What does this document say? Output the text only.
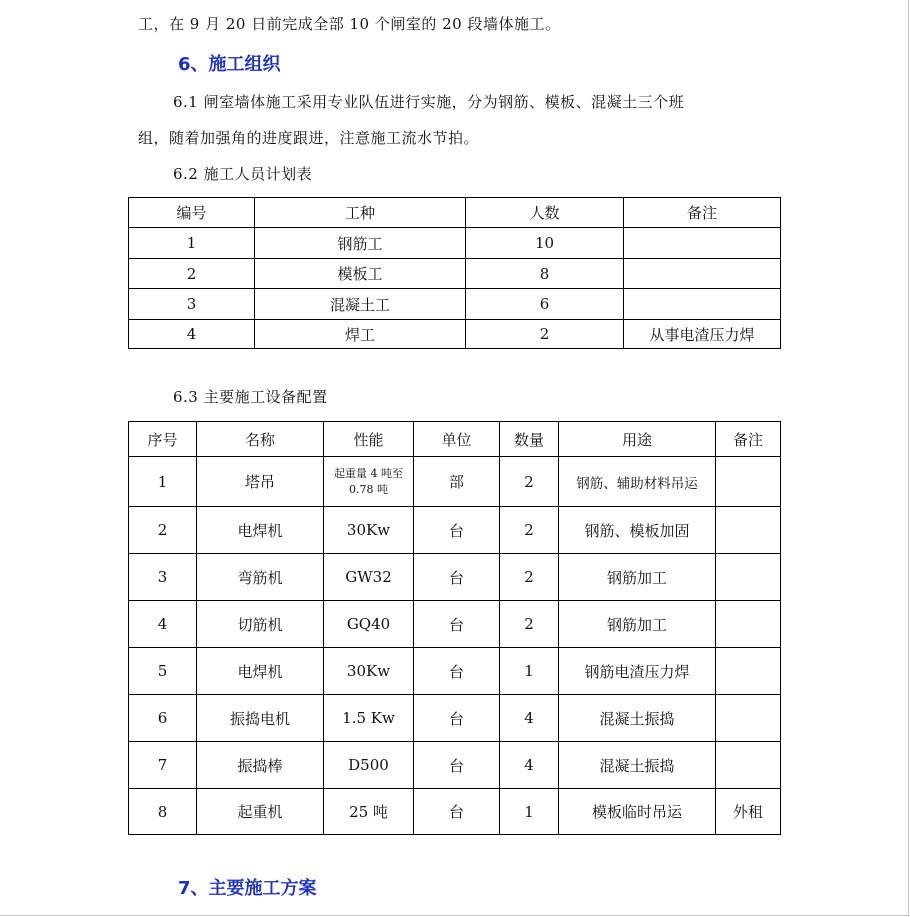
工，在 9 月 20 日前完成全部 10 个闸室的 20 段墙体施工。
6、施工组织
6.1 闸室墙体施工采用专业队伍进行实施，分为钢筋、模板、混凝土三个班
组，随着加强角的进度跟进，注意施工流水节拍。
6.2 施工人员计划表
编号	工种	人数	备注
1	钢筋工	10	
2	模板工	8	
3	混凝土工	6	
4	焊工	2	从事电渣压力焊
6.3 主要施工设备配置
序号	名称	性能	单位	数量	用途	备注
1	塔吊	起重量 4 吨至 0.78 吨	部	2	钢筋、辅助材料吊运	
2	电焊机	30Kw	台	2	钢筋、模板加固	
3	弯筋机	GW32	台	2	钢筋加工	
4	切筋机	GQ40	台	2	钢筋加工	
5	电焊机	30Kw	台	1	钢筋电渣压力焊	
6	振捣电机	1.5 Kw	台	4	混凝土振捣	
7	振捣棒	D500	台	4	混凝土振捣	
8	起重机	25 吨	台	1	模板临时吊运	外租
7、主要施工方案
